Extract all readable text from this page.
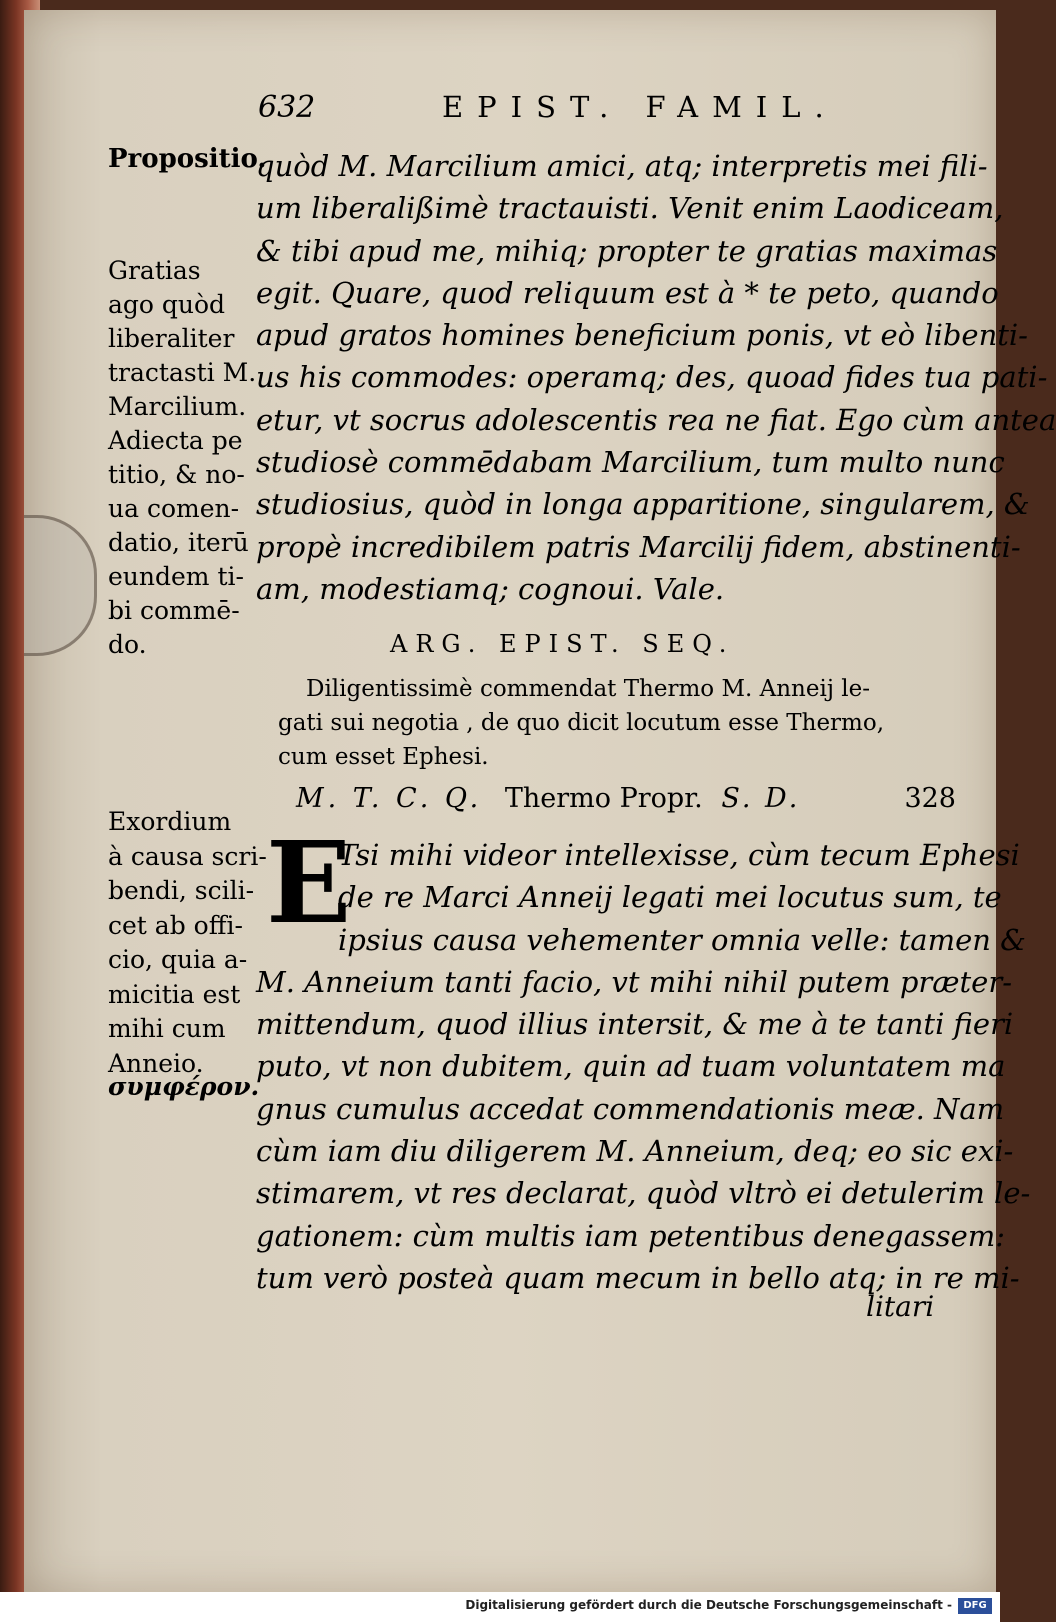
632	EPIST. FAMIL.
Propositio.
Gratias
ago quòd
liberaliter
tractasti M.
Marcilium.
Adiecta pe
titio, & no-
ua comen-
datio, iterū
eundem ti-
bi commē-
do.
Exordium
à causa scri-
bendi, scili-
cet ab offi-
cio, quia a-
micitia est
mihi cum
Anneio.
συμφέρον.
quòd M. Marcilium amici, atq; interpretis mei fili-
um liberalißimè tractauisti. Venit enim Laodiceam,
& tibi apud me, mihiq; propter te gratias maximas
egit. Quare, quod reliquum est à * te peto, quando
apud gratos homines beneficium ponis, vt eò libenti-
us his commodes: operamq; des, quoad fides tua pati-
etur, vt socrus adolescentis rea ne fiat. Ego cùm antea
studiosè commēdabam Marcilium, tum multo nunc
studiosius, quòd in longa apparitione, singularem, &
propè incredibilem patris Marcilij fidem, abstinenti-
am, modestiamq; cognoui. Vale.
ARG. EPIST. SEQ.
Diligentissimè commendat Thermo M. Anneij le-
gati sui negotia , de quo dicit locutum esse Thermo,
cum esset Ephesi.
M. T. C. Q. Thermo Propr. S. D.	328
E
Tsi mihi videor intellexisse, cùm tecum Ephesi
de re Marci Anneij legati mei locutus sum, te
ipsius causa vehementer omnia velle: tamen &
M. Anneium tanti facio, vt mihi nihil putem præter-
mittendum, quod illius intersit, & me à te tanti fieri
puto, vt non dubitem, quin ad tuam voluntatem ma
gnus cumulus accedat commendationis meæ. Nam
cùm iam diu diligerem M. Anneium, deq; eo sic exi-
stimarem, vt res declarat, quòd vltrò ei detulerim le-
gationem: cùm multis iam petentibus denegassem:
tum verò posteà quam mecum in bello atq; in re mi-
litari
Digitalisierung gefördert durch die Deutsche Forschungsgemeinschaft -	DFG
